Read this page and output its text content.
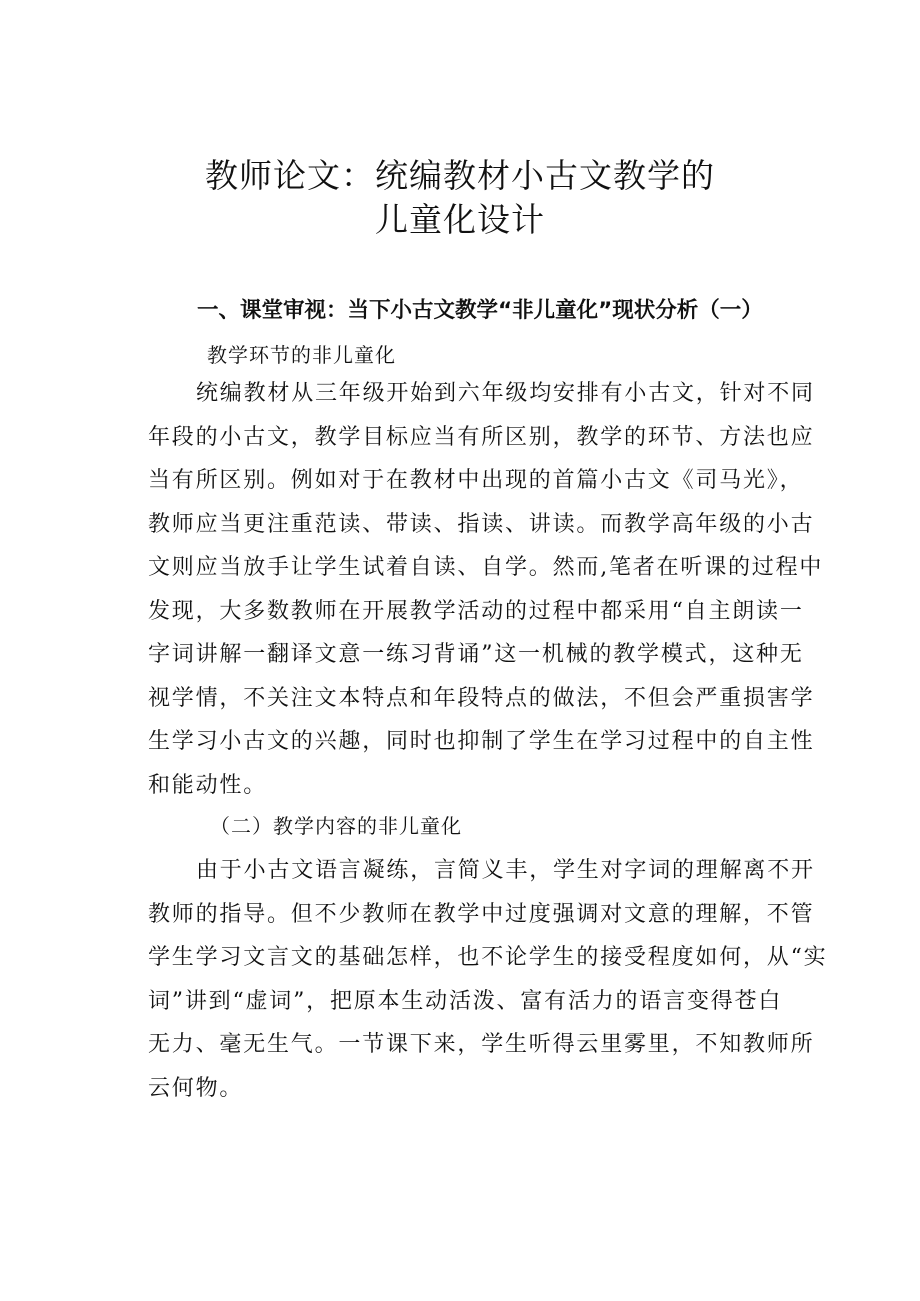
教师论文：统编教材小古文教学的
儿童化设计
一、课堂审视：当下小古文教学“非儿童化”现状分析（一）
教学环节的非儿童化
统编教材从三年级开始到六年级均安排有小古文，针对不同
年段的小古文，教学目标应当有所区别，教学的环节、方法也应
当有所区别。例如对于在教材中出现的首篇小古文《司马光》，
教师应当更注重范读、带读、指读、讲读。而教学高年级的小古
文则应当放手让学生试着自读、自学。然而,笔者在听课的过程中
发现，大多数教师在开展教学活动的过程中都采用“自主朗读一
字词讲解一翻译文意一练习背诵”这一机械的教学模式，这种无
视学情，不关注文本特点和年段特点的做法，不但会严重损害学
生学习小古文的兴趣，同时也抑制了学生在学习过程中的自主性
和能动性。
（二）教学内容的非儿童化
由于小古文语言凝练，言简义丰，学生对字词的理解离不开
教师的指导。但不少教师在教学中过度强调对文意的理解，不管
学生学习文言文的基础怎样，也不论学生的接受程度如何，从“实
词”讲到“虚词”，把原本生动活泼、富有活力的语言变得苍白
无力、毫无生气。一节课下来，学生听得云里雾里，不知教师所
云何物。
